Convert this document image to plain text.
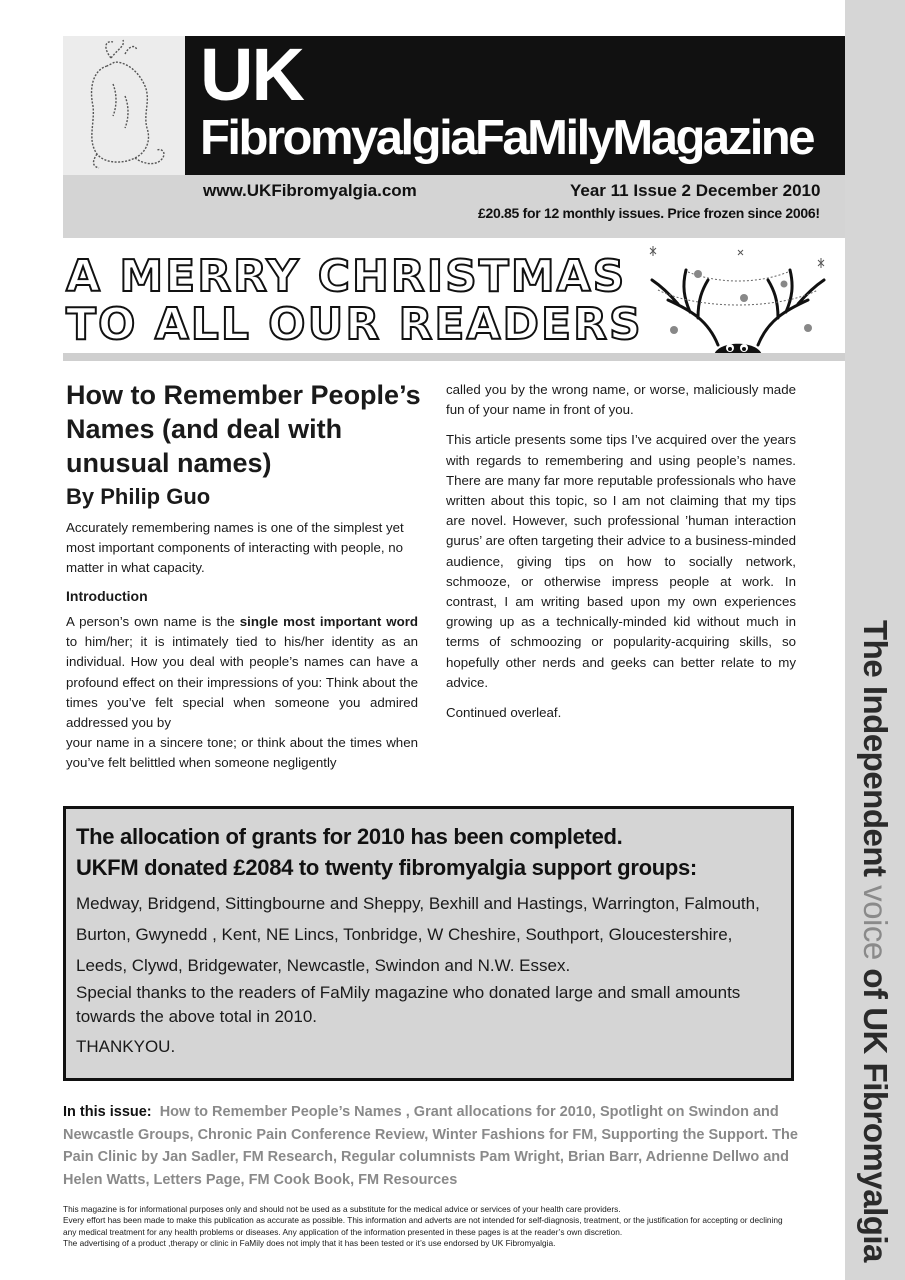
The Independent voice of UK Fibromyalgia
UK
FibromyalgiaFaMilyMagazine
www.UKFibromyalgia.com	Year 11 Issue 2 December 2010
£20.85 for 12 monthly issues. Price frozen since 2006!
A MERRY CHRISTMAS
TO ALL OUR READERS
How to Remember People’s Names (and deal with unusual names)
By Philip Guo
Accurately remembering names is one of the simplest yet most important components of interacting with people, no matter in what capacity.
Introduction
A person’s own name is the single most important word to him/her; it is intimately tied to his/her identity as an individual. How you deal with people’s names can have a profound effect on their impressions of you: Think about the times you’ve felt special when someone you admired addressed you by
your name in a sincere tone; or think about the times when you’ve felt belittled when someone negligently

called you by the wrong name, or worse, maliciously made fun of your name in front of you.

This article presents some tips I’ve acquired over the years with regards to remembering and using people’s names. There are many far more reputable professionals who have written about this topic, so I am not claiming that my tips are novel. However, such professional ’human interaction gurus’ are often targeting their advice to a business-minded audience, giving tips on how to socially network, schmooze, or otherwise impress people at work. In contrast, I am writing based upon my own experiences growing up as a technically-minded kid without much in terms of schmoozing or popularity-acquiring skills, so hopefully other nerds and geeks can better relate to my advice.

Continued overleaf.

The allocation of grants for 2010 has been completed.
UKFM donated £2084 to twenty fibromyalgia support groups:
Medway, Bridgend, Sittingbourne and Sheppy, Bexhill and Hastings, Warrington, Falmouth, Burton, Gwynedd , Kent, NE Lincs, Tonbridge, W Cheshire, Southport, Gloucestershire, Leeds, Clywd, Bridgewater, Newcastle, Swindon and N.W. Essex.
Special thanks to the readers of FaMily magazine who donated large and small amounts towards the above total in 2010.
THANKYOU.
In this issue: How to Remember People’s Names , Grant allocations for 2010, Spotlight on Swindon and Newcastle Groups, Chronic Pain Conference Review, Winter Fashions for FM, Supporting the Support. The Pain Clinic by Jan Sadler, FM Research, Regular columnists Pam Wright, Brian Barr, Adrienne Dellwo and Helen Watts, Letters Page, FM Cook Book, FM Resources
This magazine is for informational purposes only and should not be used as a substitute for the medical advice or services of your health care providers.
Every effort has been made to make this publication as accurate as possible. This information and adverts are not intended for self-diagnosis, treatment, or the justification for accepting or declining any medical treatment for any health problems or diseases. Any application of the information presented in these pages is at the reader’s own discretion.
The advertising of a product ,therapy or clinic in FaMily does not imply that it has been tested or it’s use endorsed by UK Fibromyalgia.
